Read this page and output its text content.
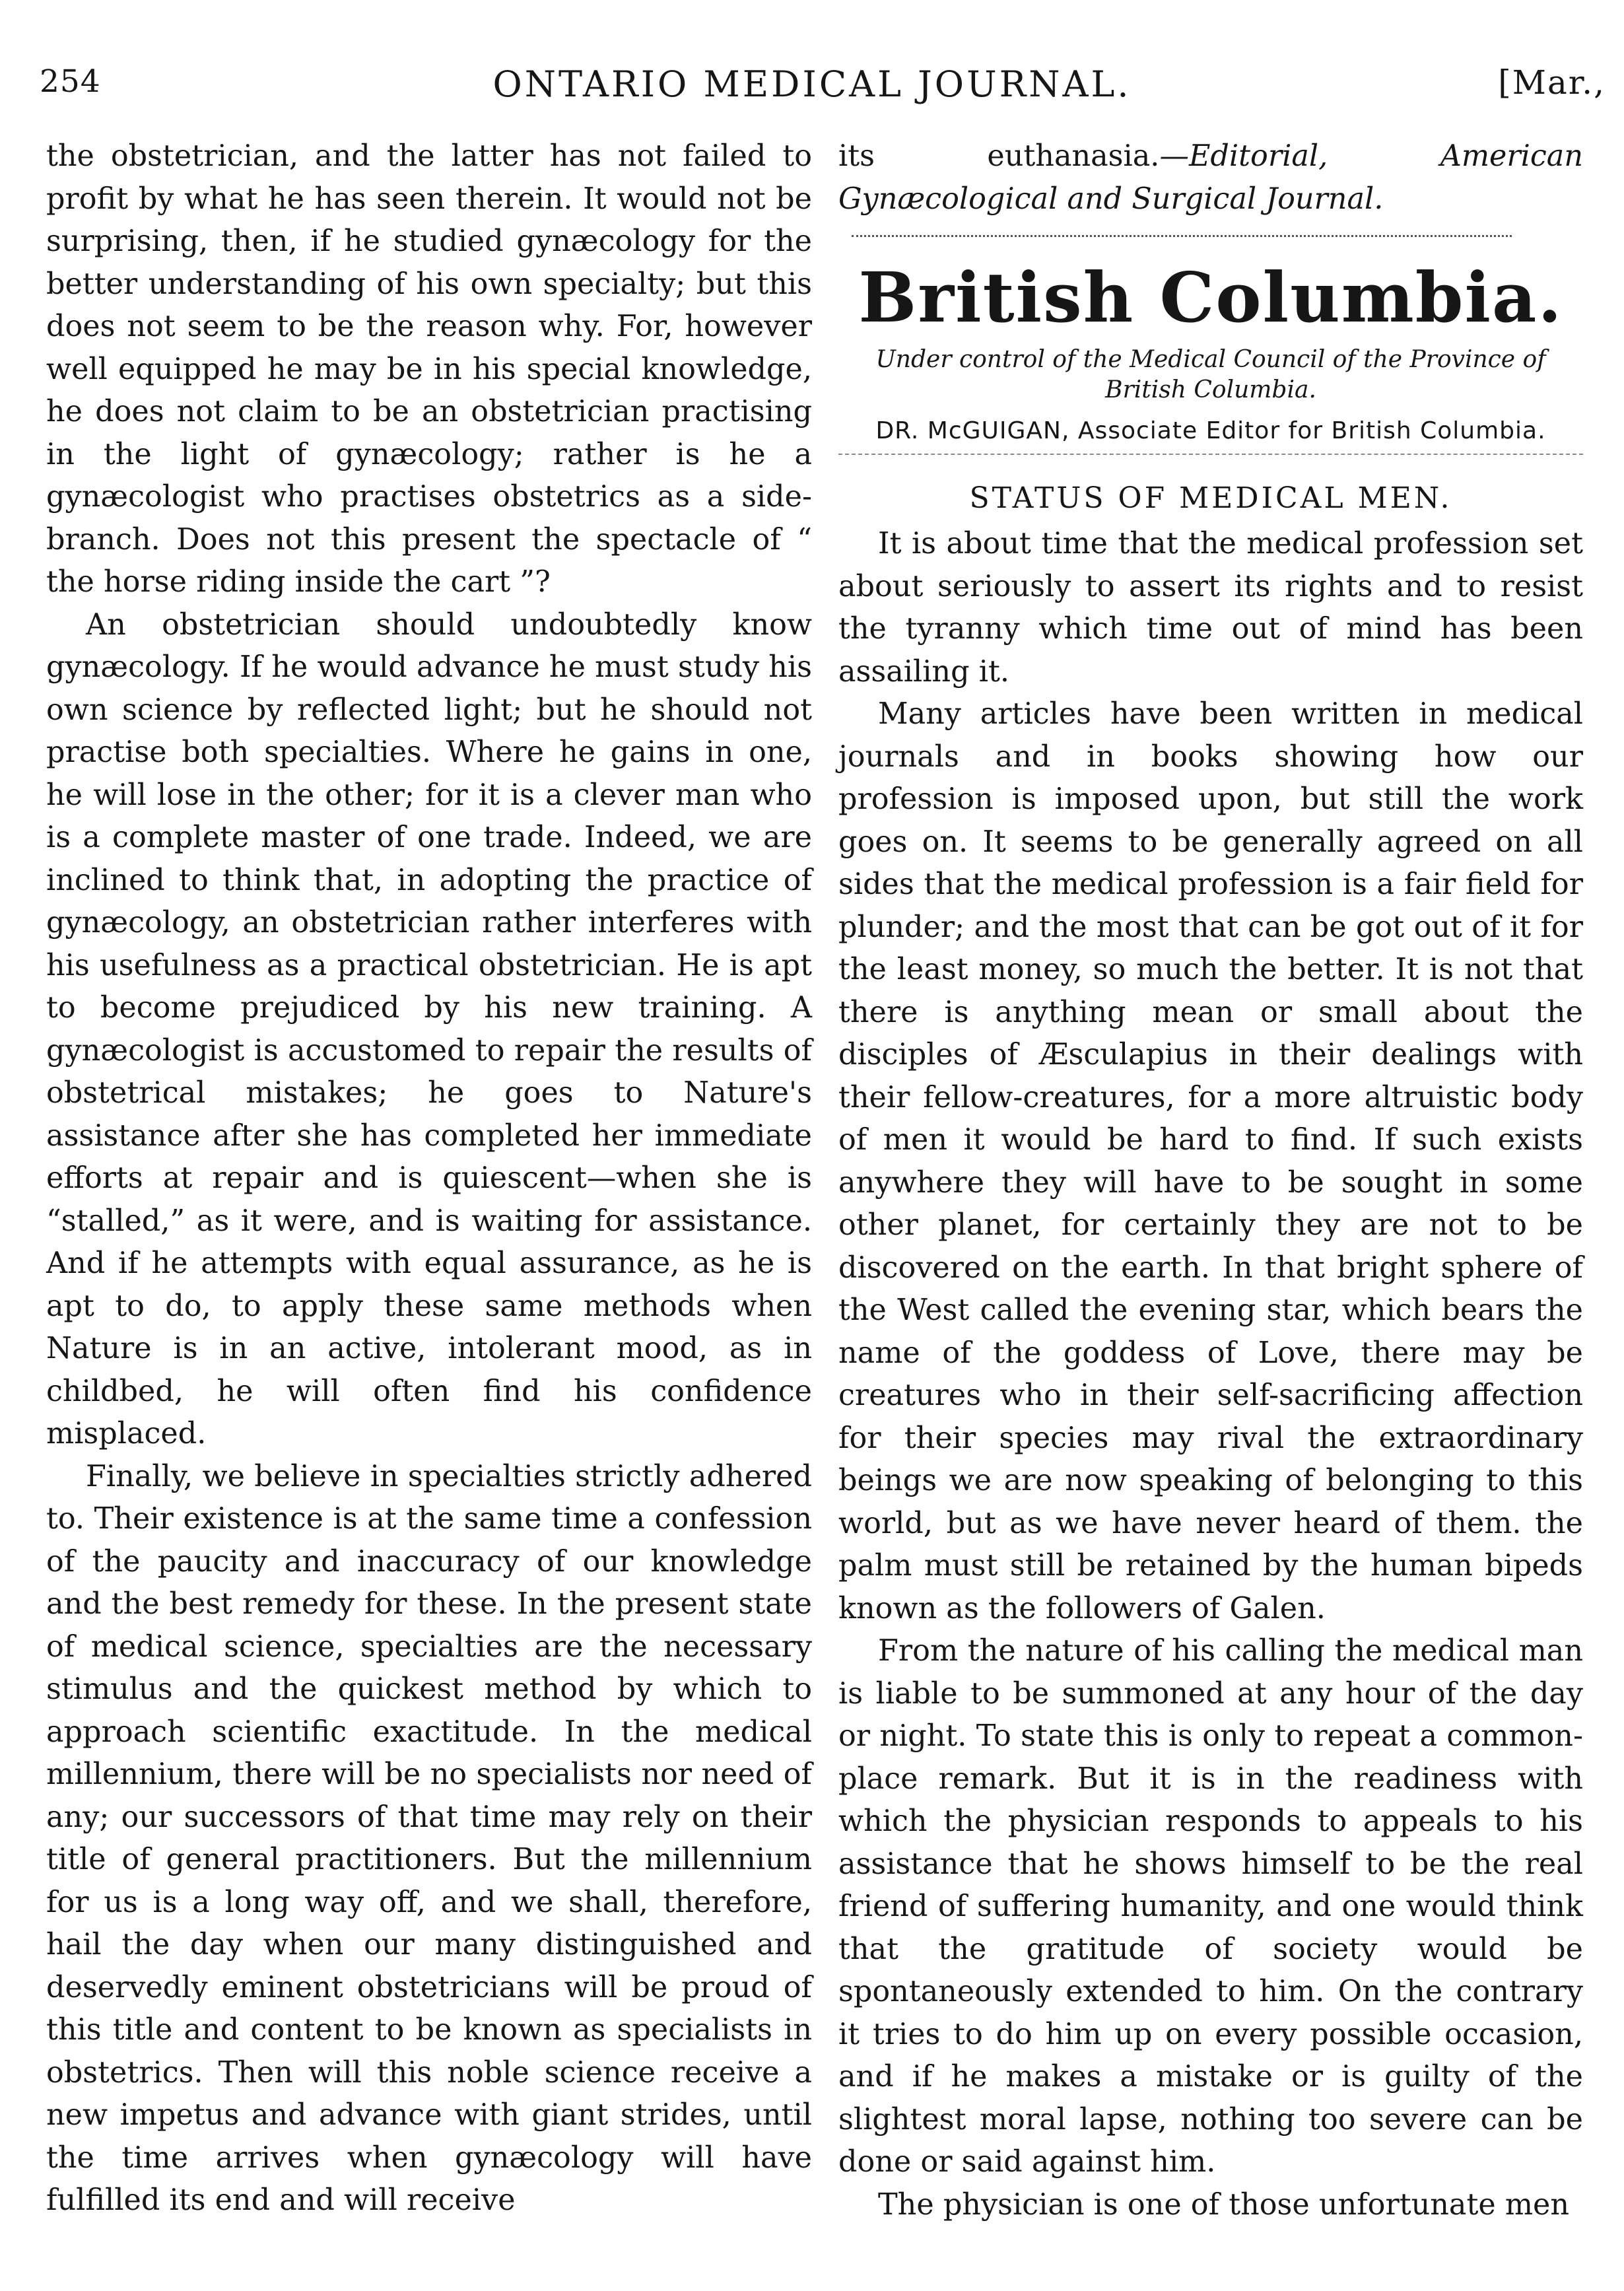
254	ONTARIO MEDICAL JOURNAL.	[Mar.,

the obstetrician, and the latter has not failed to profit by what he has seen therein. It would not be surprising, then, if he studied gynæcology for the better understanding of his own specialty; but this does not seem to be the reason why. For, however well equipped he may be in his special knowledge, he does not claim to be an obstetrician practising in the light of gynæcology; rather is he a gynæcologist who practises obstetrics as a side-branch. Does not this present the spectacle of “ the horse riding inside the cart ”?

An obstetrician should undoubtedly know gynæcology. If he would advance he must study his own science by reflected light; but he should not practise both specialties. Where he gains in one, he will lose in the other; for it is a clever man who is a complete master of one trade. Indeed, we are inclined to think that, in adopting the practice of gynæcology, an obstetrician rather interferes with his usefulness as a practical obstetrician. He is apt to become prejudiced by his new training. A gynæcologist is accustomed to repair the results of obstetrical mistakes; he goes to Nature's assistance after she has completed her immediate efforts at repair and is quiescent—when she is “stalled,” as it were, and is waiting for assistance. And if he attempts with equal assurance, as he is apt to do, to apply these same methods when Nature is in an active, intolerant mood, as in childbed, he will often find his confidence misplaced.

Finally, we believe in specialties strictly adhered to. Their existence is at the same time a confession of the paucity and inaccuracy of our knowledge and the best remedy for these. In the present state of medical science, specialties are the necessary stimulus and the quickest method by which to approach scientific exactitude. In the medical millennium, there will be no specialists nor need of any; our successors of that time may rely on their title of general practitioners. But the millennium for us is a long way off, and we shall, therefore, hail the day when our many distinguished and deservedly eminent obstetricians will be proud of this title and content to be known as specialists in obstetrics. Then will this noble science receive a new impetus and advance with giant strides, until the time arrives when gynæcology will have fulfilled its end and will receive

its euthanasia.—Editorial, American Gynæcological and Surgical Journal.

British Columbia.
Under control of the Medical Council of the Province of British Columbia.
DR. McGUIGAN, Associate Editor for British Columbia.
STATUS OF MEDICAL MEN.

It is about time that the medical profession set about seriously to assert its rights and to resist the tyranny which time out of mind has been assailing it.

Many articles have been written in medical journals and in books showing how our profession is imposed upon, but still the work goes on. It seems to be generally agreed on all sides that the medical profession is a fair field for plunder; and the most that can be got out of it for the least money, so much the better. It is not that there is anything mean or small about the disciples of Æsculapius in their dealings with their fellow-creatures, for a more altruistic body of men it would be hard to find. If such exists anywhere they will have to be sought in some other planet, for certainly they are not to be discovered on the earth. In that bright sphere of the West called the evening star, which bears the name of the goddess of Love, there may be creatures who in their self-sacrificing affection for their species may rival the extraordinary beings we are now speaking of belonging to this world, but as we have never heard of them. the palm must still be retained by the human bipeds known as the followers of Galen.

From the nature of his calling the medical man is liable to be summoned at any hour of the day or night. To state this is only to repeat a common-place remark. But it is in the readiness with which the physician responds to appeals to his assistance that he shows himself to be the real friend of suffering humanity, and one would think that the gratitude of society would be spontaneously extended to him. On the contrary it tries to do him up on every possible occasion, and if he makes a mistake or is guilty of the slightest moral lapse, nothing too severe can be done or said against him.

The physician is one of those unfortunate men
